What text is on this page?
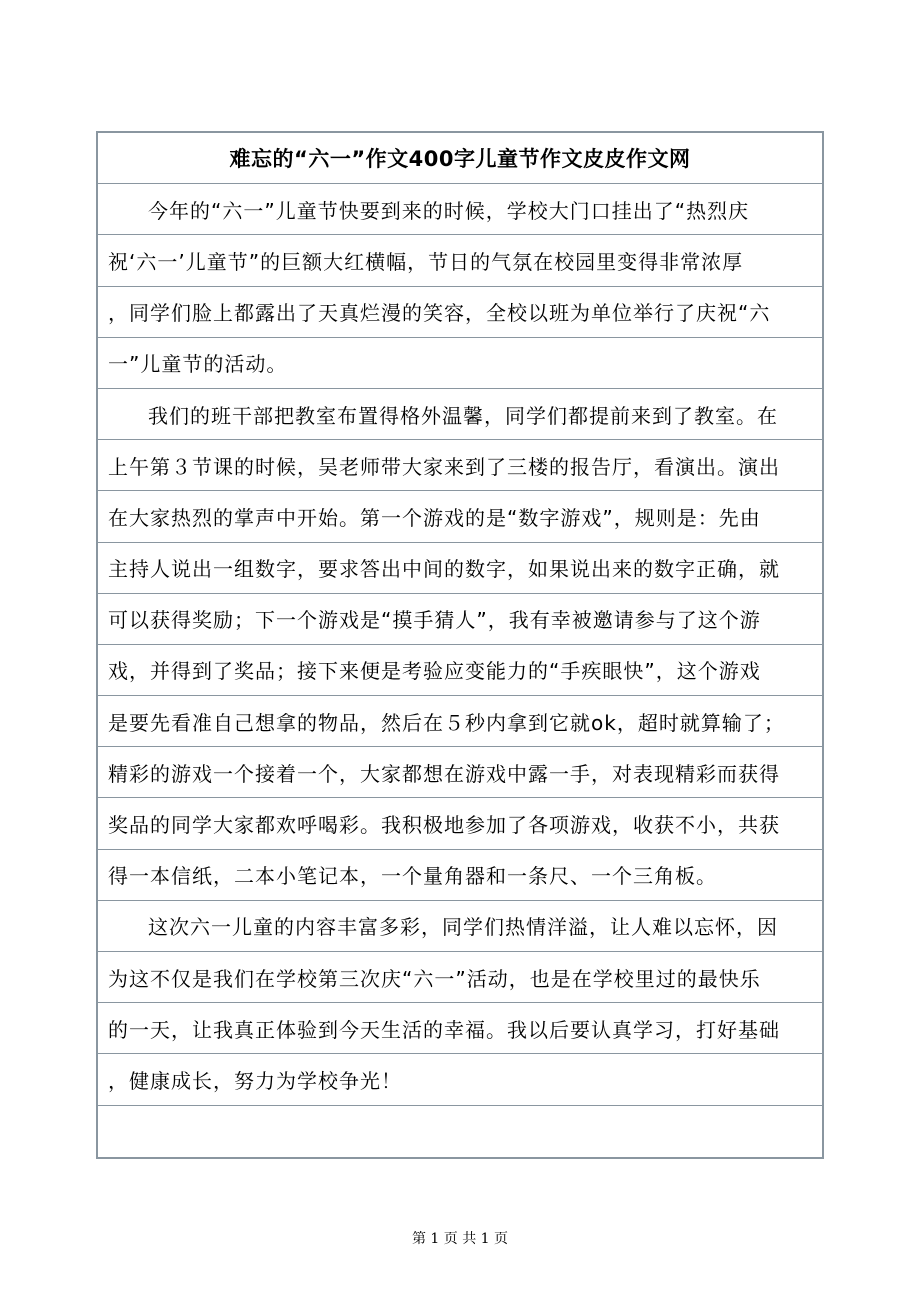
难忘的“六一”作文400字儿童节作文皮皮作文网
今年的“六一”儿童节快要到来的时候，学校大门口挂出了“热烈庆
祝‘六一’儿童节”的巨额大红横幅，节日的气氛在校园里变得非常浓厚
，同学们脸上都露出了天真烂漫的笑容，全校以班为单位举行了庆祝“六
一”儿童节的活动。
我们的班干部把教室布置得格外温馨，同学们都提前来到了教室。在
上午第３节课的时候，吴老师带大家来到了三楼的报告厅，看演出。演出
在大家热烈的掌声中开始。第一个游戏的是“数字游戏”，规则是：先由
主持人说出一组数字，要求答出中间的数字，如果说出来的数字正确，就
可以获得奖励；下一个游戏是“摸手猜人”，我有幸被邀请参与了这个游
戏，并得到了奖品；接下来便是考验应变能力的“手疾眼快”，这个游戏
是要先看准自己想拿的物品，然后在５秒内拿到它就ok，超时就算输了；
精彩的游戏一个接着一个，大家都想在游戏中露一手，对表现精彩而获得
奖品的同学大家都欢呼喝彩。我积极地参加了各项游戏，收获不小，共获
得一本信纸，二本小笔记本，一个量角器和一条尺、一个三角板。
这次六一儿童的内容丰富多彩，同学们热情洋溢，让人难以忘怀，因
为这不仅是我们在学校第三次庆“六一”活动，也是在学校里过的最快乐
的一天，让我真正体验到今天生活的幸福。我以后要认真学习，打好基础
，健康成长，努力为学校争光！
第 1 页 共 1 页
